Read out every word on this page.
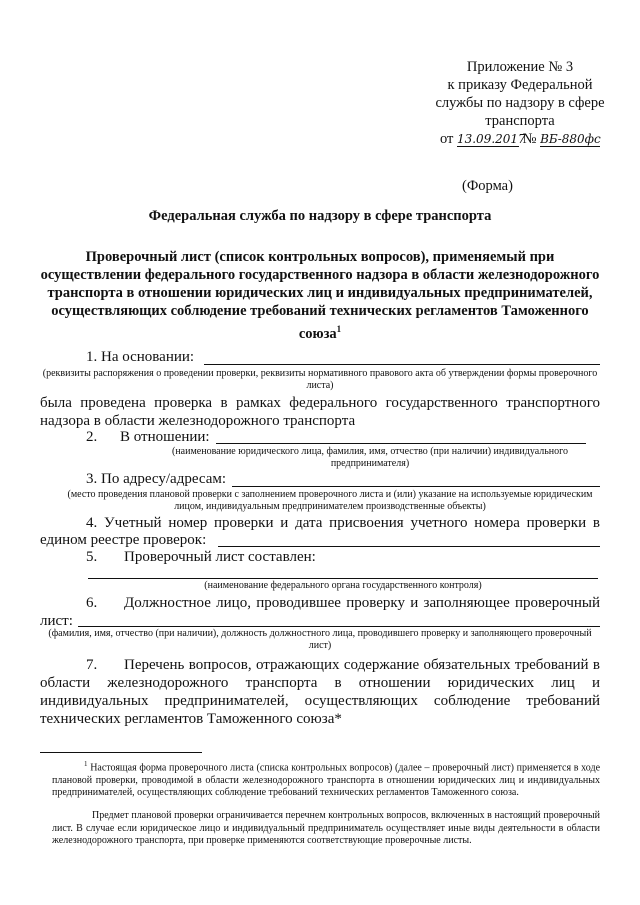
Приложение № 3
к приказу Федеральной
службы по надзору в сфере
транспорта
от 13.09.2017 № ВБ-880фс
(Форма)
Федеральная служба по надзору в сфере транспорта
Проверочный лист (список контрольных вопросов), применяемый при осуществлении федерального государственного надзора в области железнодорожного транспорта в отношении юридических лиц и индивидуальных предпринимателей, осуществляющих соблюдение требований технических регламентов Таможенного союза$^1$
1. На основании:
(реквизиты распоряжения о проведении проверки, реквизиты нормативного правового акта об утверждении формы проверочного листа)
была проведена проверка в рамках федерального государственного транспортного надзора в области железнодорожного транспорта
2. В отношении:
(наименование юридического лица, фамилия, имя, отчество (при наличии) индивидуального предпринимателя)
3. По адресу/адресам:
(место проведения плановой проверки с заполнением проверочного листа и (или) указание на используемые юридическим лицом, индивидуальным предпринимателем производственные объекты)
4. Учетный номер проверки и дата присвоения учетного номера проверки в
едином реестре проверок:
5. Проверочный лист составлен:
(наименование федерального органа государственного контроля)
6. Должностное лицо, проводившее проверку и заполняющее проверочный
лист:
(фамилия, имя, отчество (при наличии), должность должностного лица, проводившего проверку и заполняющего проверочный лист)
7. Перечень вопросов, отражающих содержание обязательных требований в
области железнодорожного транспорта в отношении юридических лиц и
индивидуальных предпринимателей, осуществляющих соблюдение требований
технических регламентов Таможенного союза*
$^1$ Настоящая форма проверочного листа (списка контрольных вопросов) (далее – проверочный лист) применяется в ходе плановой проверки, проводимой в области железнодорожного транспорта в отношении юридических лиц и индивидуальных предпринимателей, осуществляющих соблюдение требований технических регламентов Таможенного союза.
Предмет плановой проверки ограничивается перечнем контрольных вопросов, включенных в настоящий проверочный лист. В случае если юридическое лицо и индивидуальный предприниматель осуществляет иные виды деятельности в области железнодорожного транспорта, при проверке применяются соответствующие проверочные листы.
